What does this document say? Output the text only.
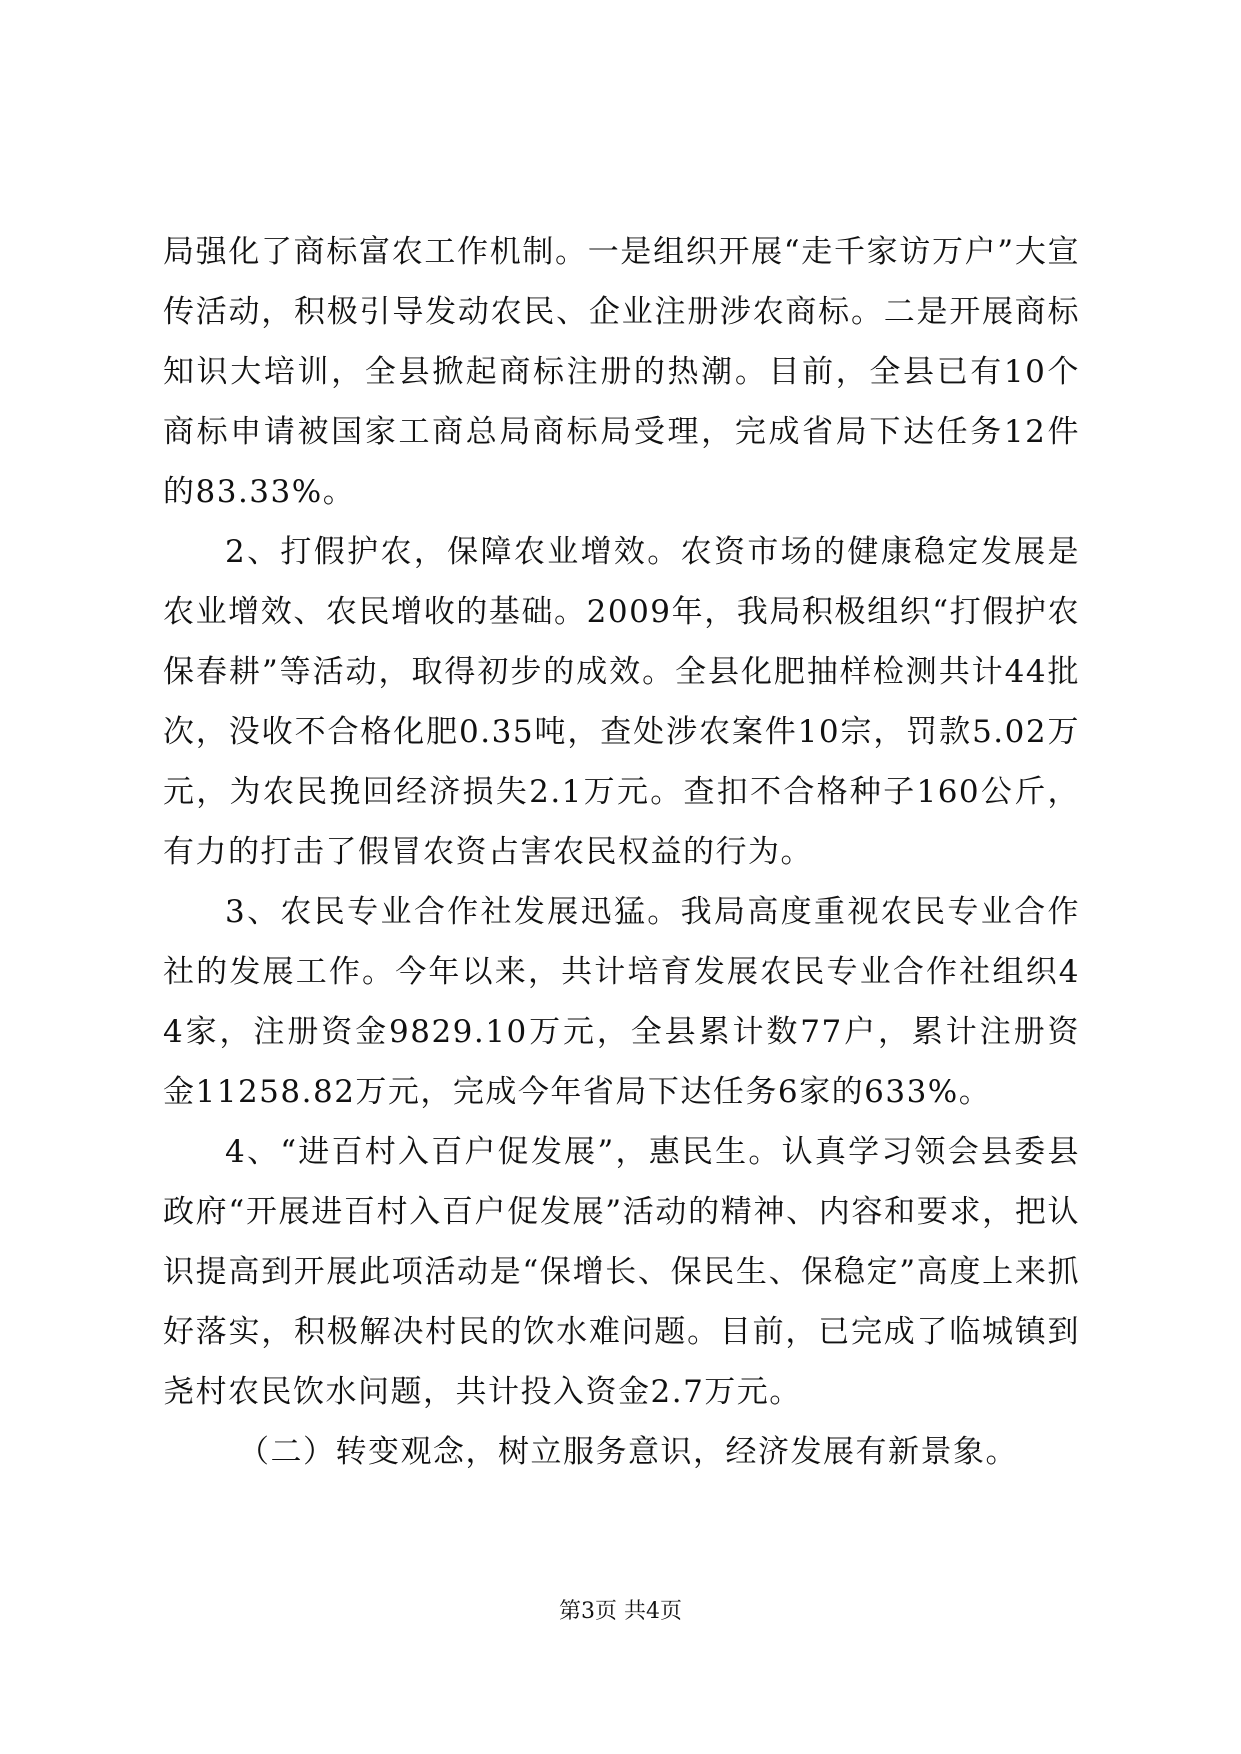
局强化了商标富农工作机制。一是组织开展“走千家访万户”大宣传活动，积极引导发动农民、企业注册涉农商标。二是开展商标知识大培训，全县掀起商标注册的热潮。目前，全县已有10个商标申请被国家工商总局商标局受理，完成省局下达任务12件的83.33%。

2、打假护农，保障农业增效。农资市场的健康稳定发展是农业增效、农民增收的基础。2009年，我局积极组织“打假护农保春耕”等活动，取得初步的成效。全县化肥抽样检测共计44批次，没收不合格化肥0.35吨，查处涉农案件10宗，罚款5.02万元，为农民挽回经济损失2.1万元。查扣不合格种子160公斤，有力的打击了假冒农资占害农民权益的行为。

3、农民专业合作社发展迅猛。我局高度重视农民专业合作社的发展工作。今年以来，共计培育发展农民专业合作社组织44家，注册资金9829.10万元，全县累计数77户，累计注册资金11258.82万元，完成今年省局下达任务6家的633%。

4、“进百村入百户促发展”，惠民生。认真学习领会县委县政府“开展进百村入百户促发展”活动的精神、内容和要求，把认识提高到开展此项活动是“保增长、保民生、保稳定”高度上来抓好落实，积极解决村民的饮水难问题。目前，已完成了临城镇到尧村农民饮水问题，共计投入资金2.7万元。

（二）转变观念，树立服务意识，经济发展有新景象。

第3页 共4页
